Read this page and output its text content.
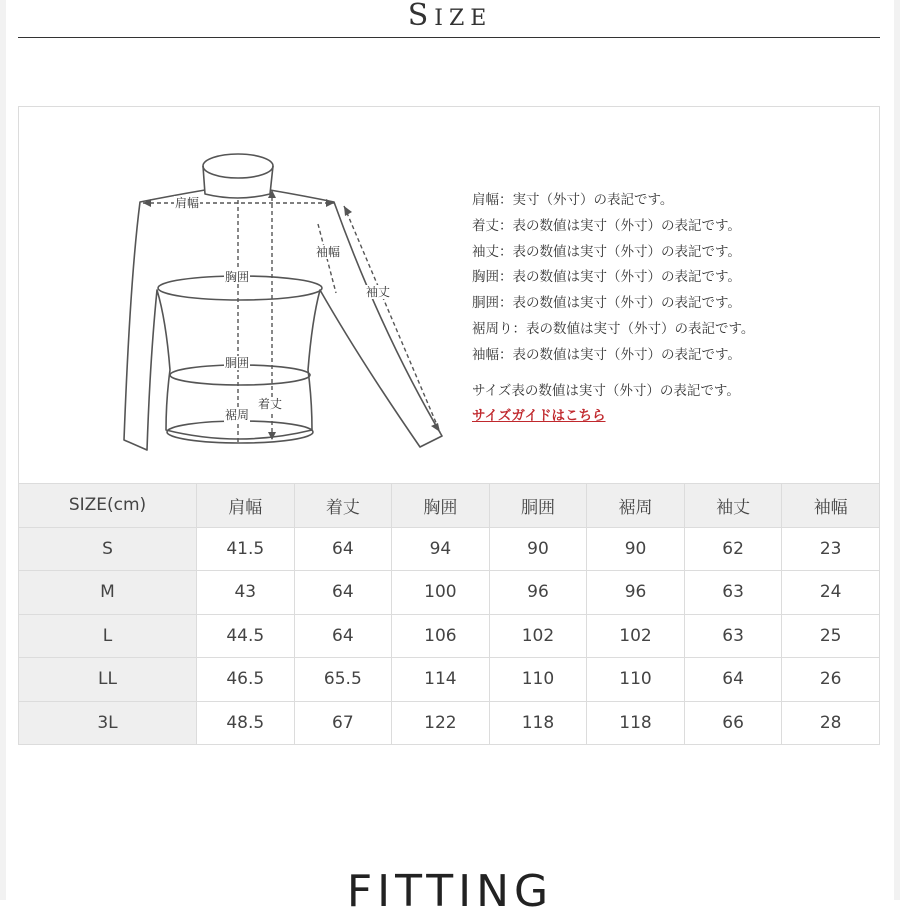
SIZE
肩幅
袖幅
袖丈
胸囲
胴囲
着丈
裾周
肩幅：実寸（外寸）の表記です。
着丈：表の数値は実寸（外寸）の表記です。
袖丈：表の数値は実寸（外寸）の表記です。
胸囲：表の数値は実寸（外寸）の表記です。
胴囲：表の数値は実寸（外寸）の表記です。
裾周り：表の数値は実寸（外寸）の表記です。
袖幅：表の数値は実寸（外寸）の表記です。
サイズ表の数値は実寸（外寸）の表記です。
サイズガイドはこちら
SIZE(cm)	肩幅	着丈	胸囲	胴囲	裾周	袖丈	袖幅
S	41.5	64	94	90	90	62	23
M	43	64	100	96	96	63	24
L	44.5	64	106	102	102	63	25
LL	46.5	65.5	114	110	110	64	26
3L	48.5	67	122	118	118	66	28
FITTING
